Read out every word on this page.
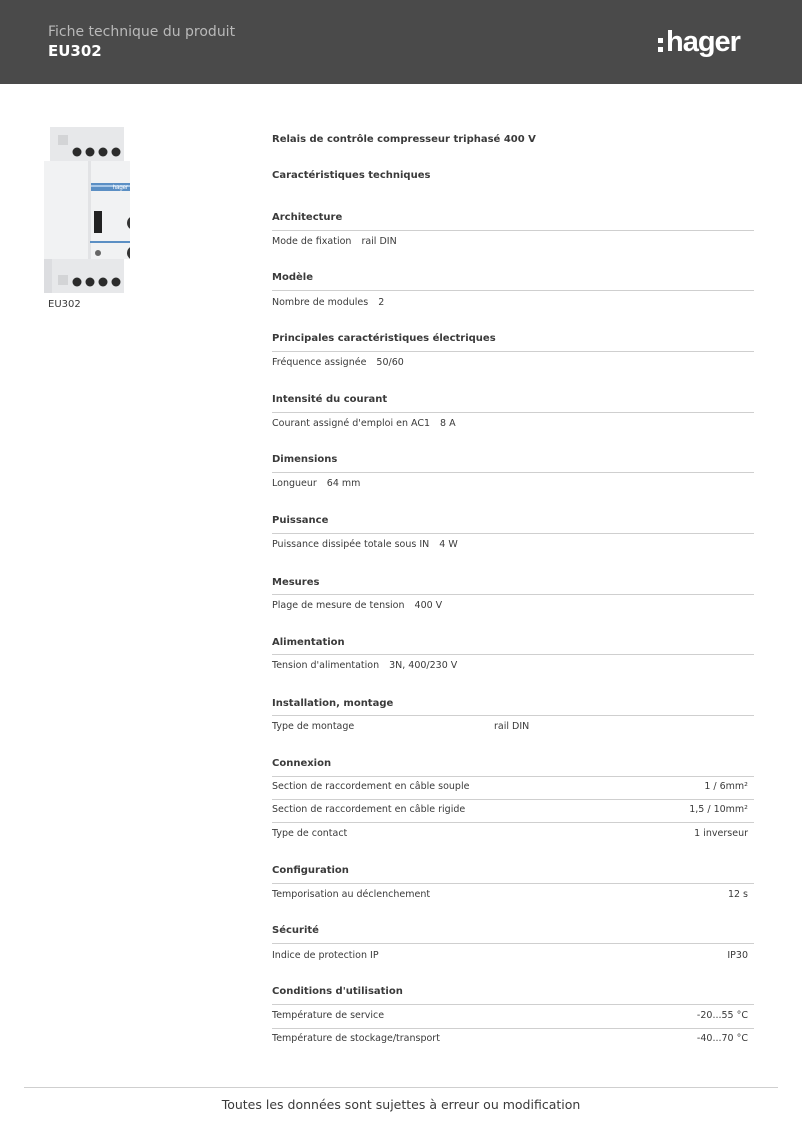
Fiche technique du produit
EU302	hager
hager
EU302
Relais de contrôle compresseur triphasé 400 V
Caractéristiques techniques
Architecture
Mode de fixation rail DIN
Modèle
Nombre de modules 2
Principales caractéristiques électriques
Fréquence assignée 50/60
Intensité du courant
Courant assigné d'emploi en AC1 8 A
Dimensions
Longueur 64 mm
Puissance
Puissance dissipée totale sous IN 4 W
Mesures
Plage de mesure de tension 400 V
Alimentation
Tension d'alimentation 3N, 400/230 V
Installation, montage
Type de montage	rail DIN
Connexion
Section de raccordement en câble souple	1 / 6mm²
Section de raccordement en câble rigide	1,5 / 10mm²
Type de contact	1 inverseur
Configuration
Temporisation au déclenchement	12 s
Sécurité
Indice de protection IP	IP30
Conditions d'utilisation
Température de service	-20...55 °C
Température de stockage/transport	-40...70 °C
Toutes les données sont sujettes à erreur ou modification
